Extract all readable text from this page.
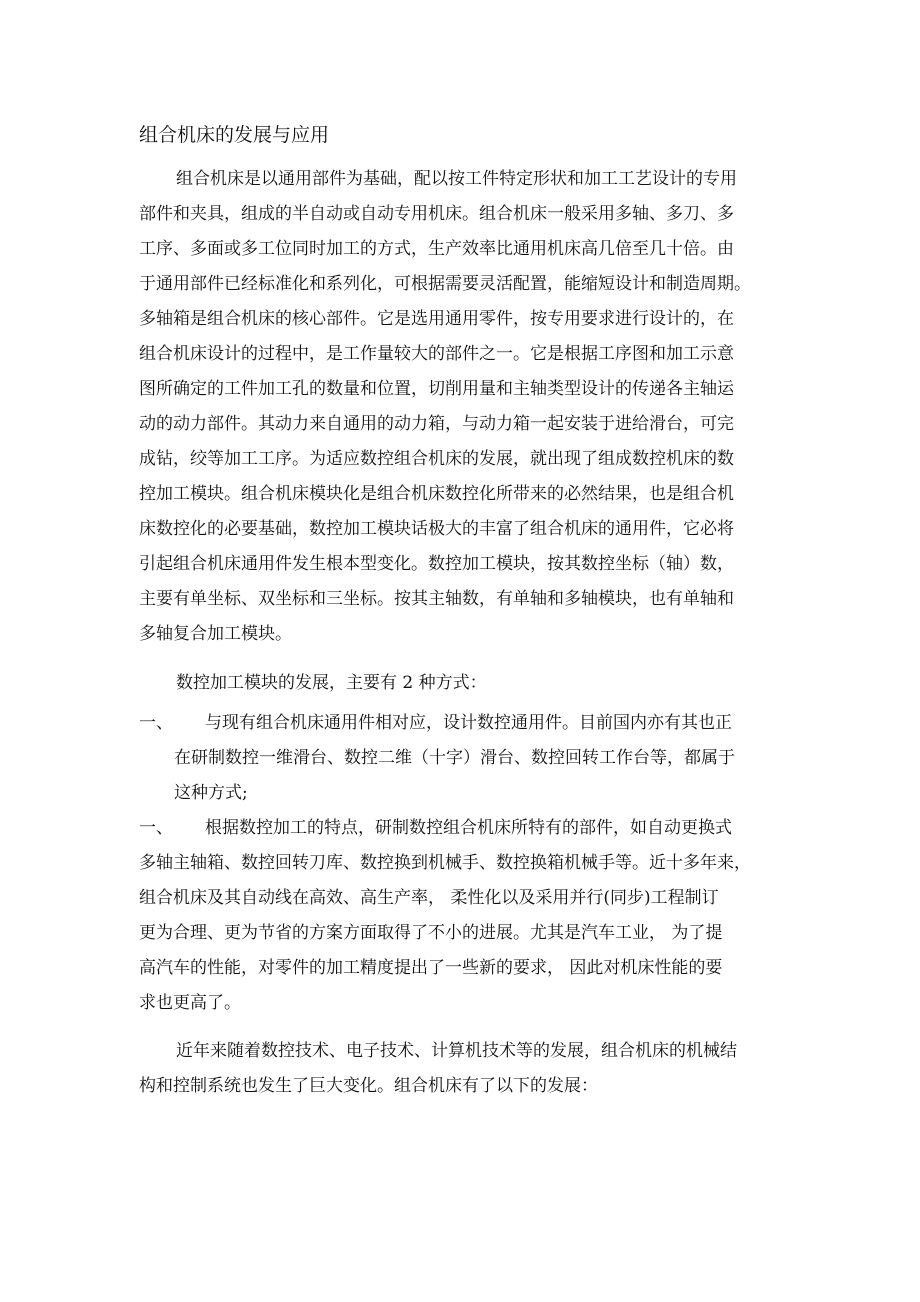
组合机床的发展与应用
组合机床是以通用部件为基础，配以按工件特定形状和加工工艺设计的专用
部件和夹具，组成的半自动或自动专用机床。组合机床一般采用多轴、多刀、多
工序、多面或多工位同时加工的方式，生产效率比通用机床高几倍至几十倍。由
于通用部件已经标准化和系列化，可根据需要灵活配置，能缩短设计和制造周期。
多轴箱是组合机床的核心部件。它是选用通用零件，按专用要求进行设计的，在
组合机床设计的过程中，是工作量较大的部件之一。它是根据工序图和加工示意
图所确定的工件加工孔的数量和位置，切削用量和主轴类型设计的传递各主轴运
动的动力部件。其动力来自通用的动力箱，与动力箱一起安装于进给滑台，可完
成钻，绞等加工工序。为适应数控组合机床的发展，就出现了组成数控机床的数
控加工模块。组合机床模块化是组合机床数控化所带来的必然结果，也是组合机
床数控化的必要基础，数控加工模块话极大的丰富了组合机床的通用件，它必将
引起组合机床通用件发生根本型变化。数控加工模块，按其数控坐标（轴）数，
主要有单坐标、双坐标和三坐标。按其主轴数，有单轴和多轴模块，也有单轴和
多轴复合加工模块。
数控加工模块的发展，主要有 2 种方式：
一、 与现有组合机床通用件相对应，设计数控通用件。目前国内亦有其也正
在研制数控一维滑台、数控二维（十字）滑台、数控回转工作台等，都属于
这种方式;
一、 根据数控加工的特点，研制数控组合机床所特有的部件，如自动更换式
多轴主轴箱、数控回转刀库、数控换到机械手、数控换箱机械手等。近十多年来，
组合机床及其自动线在高效、高生产率， 柔性化以及采用并行(同步)工程制订
更为合理、更为节省的方案方面取得了不小的进展。尤其是汽车工业， 为了提
高汽车的性能，对零件的加工精度提出了一些新的要求， 因此对机床性能的要
求也更高了。
近年来随着数控技术、电子技术、计算机技术等的发展，组合机床的机械结
构和控制系统也发生了巨大变化。组合机床有了以下的发展：
